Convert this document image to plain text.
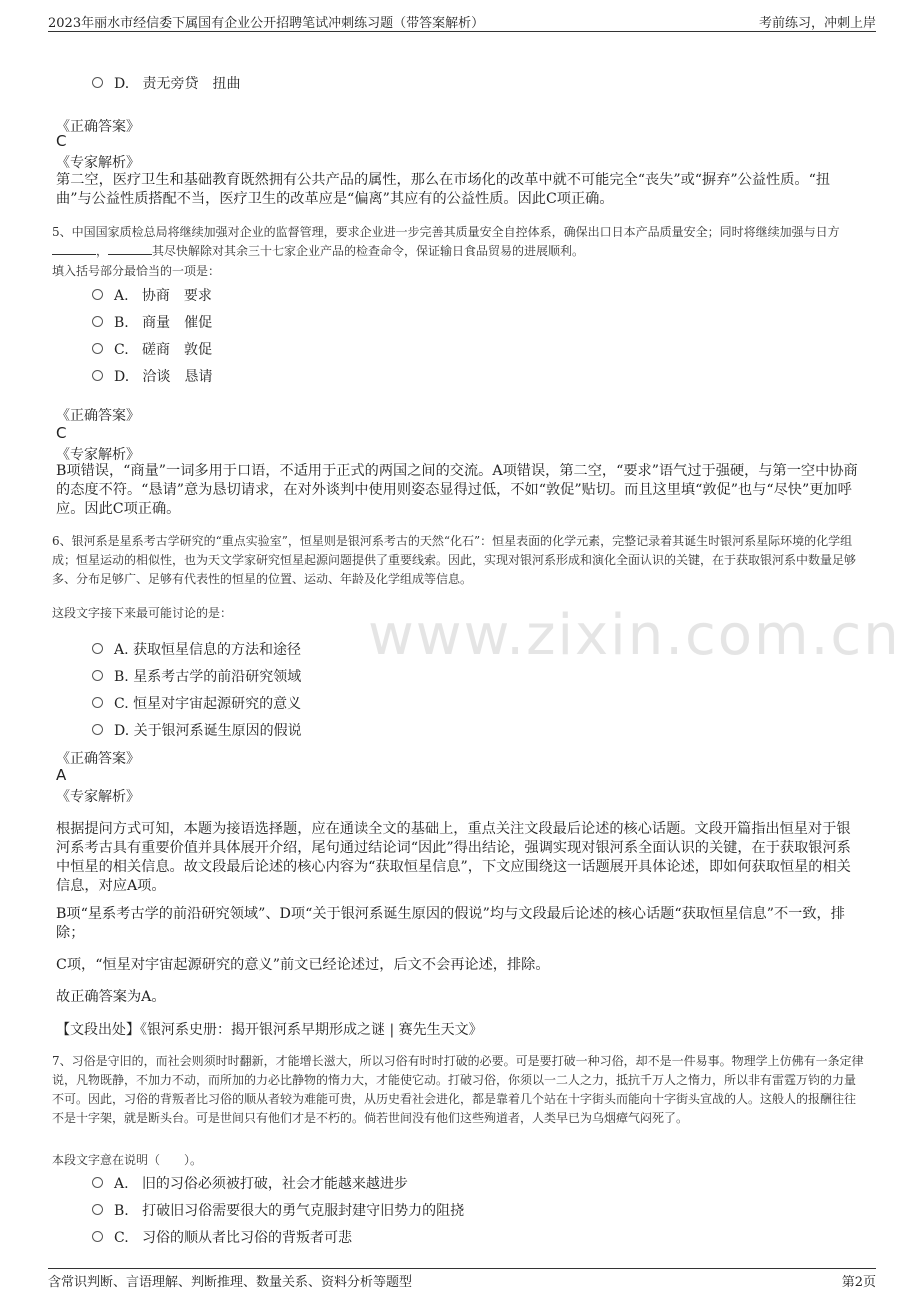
2023年丽水市经信委下属国有企业公开招聘笔试冲刺练习题（带答案解析）	考前练习，冲刺上岸
www.zixin.com.cn

D. 责无旁贷　扭曲

《正确答案》
C
《专家解析》
第二空，医疗卫生和基础教育既然拥有公共产品的属性，那么在市场化的改革中就不可能完全“丧失”或“摒弃”公益性质。“扭曲”与公益性质搭配不当，医疗卫生的改革应是“偏离”其应有的公益性质。因此C项正确。
5、中国国家质检总局将继续加强对企业的监督管理，要求企业进一步完善其质量安全自控体系，确保出口日本产品质量安全；同时将继续加强与日方，	其尽快解除对其余三十七家企业产品的检查命令，保证输日食品贸易的进展顺利。
填入括号部分最恰当的一项是：

A. 协商　要求

B. 商量　催促

C. 磋商　敦促

D. 洽谈　恳请

《正确答案》
C
《专家解析》
B项错误，“商量”一词多用于口语，不适用于正式的两国之间的交流。A项错误，第二空，“要求”语气过于强硬，与第一空中协商的态度不符。“恳请”意为恳切请求，在对外谈判中使用则姿态显得过低，不如“敦促”贴切。而且这里填“敦促”也与“尽快”更加呼应。因此C项正确。
6、银河系是星系考古学研究的“重点实验室”，恒星则是银河系考古的天然“化石”：恒星表面的化学元素，完整记录着其诞生时银河系星际环境的化学组成；恒星运动的相似性，也为天文学家研究恒星起源问题提供了重要线索。因此，实现对银河系形成和演化全面认识的关键，在于获取银河系中数量足够多、分布足够广、足够有代表性的恒星的位置、运动、年龄及化学组成等信息。
这段文字接下来最可能讨论的是：

A. 获取恒星信息的方法和途径

B. 星系考古学的前沿研究领域

C. 恒星对宇宙起源研究的意义

D. 关于银河系诞生原因的假说

《正确答案》
A
《专家解析》
根据提问方式可知，本题为接语选择题，应在通读全文的基础上，重点关注文段最后论述的核心话题。文段开篇指出恒星对于银河系考古具有重要价值并具体展开介绍，尾句通过结论词“因此”得出结论，强调实现对银河系全面认识的关键，在于获取银河系中恒星的相关信息。故文段最后论述的核心内容为“获取恒星信息”，下文应围绕这一话题展开具体论述，即如何获取恒星的相关信息，对应A项。
B项“星系考古学的前沿研究领域”、D项“关于银河系诞生原因的假说”均与文段最后论述的核心话题“获取恒星信息”不一致，排除；
C项，“恒星对宇宙起源研究的意义”前文已经论述过，后文不会再论述，排除。
故正确答案为A。
【文段出处】《银河系史册：揭开银河系早期形成之谜 | 赛先生天文》
7、习俗是守旧的，而社会则须时时翻新，才能增长滋大，所以习俗有时时打破的必要。可是要打破一种习俗，却不是一件易事。物理学上仿佛有一条定律说，凡物既静，不加力不动，而所加的力必比静物的惰力大，才能使它动。打破习俗，你须以一二人之力，抵抗千万人之惰力，所以非有雷霆万钧的力量不可。因此，习俗的背叛者比习俗的顺从者较为难能可贵，从历史看社会进化，都是靠着几个站在十字街头而能向十字街头宣战的人。这般人的报酬往往不是十字架，就是断头台。可是世间只有他们才是不朽的。倘若世间没有他们这些殉道者，人类早已为乌烟瘴气闷死了。
本段文字意在说明（　　）。

A. 旧的习俗必须被打破，社会才能越来越进步

B. 打破旧习俗需要很大的勇气克服封建守旧势力的阻挠

C. 习俗的顺从者比习俗的背叛者可悲

含常识判断、言语理解、判断推理、数量关系、资料分析等题型	第2页
